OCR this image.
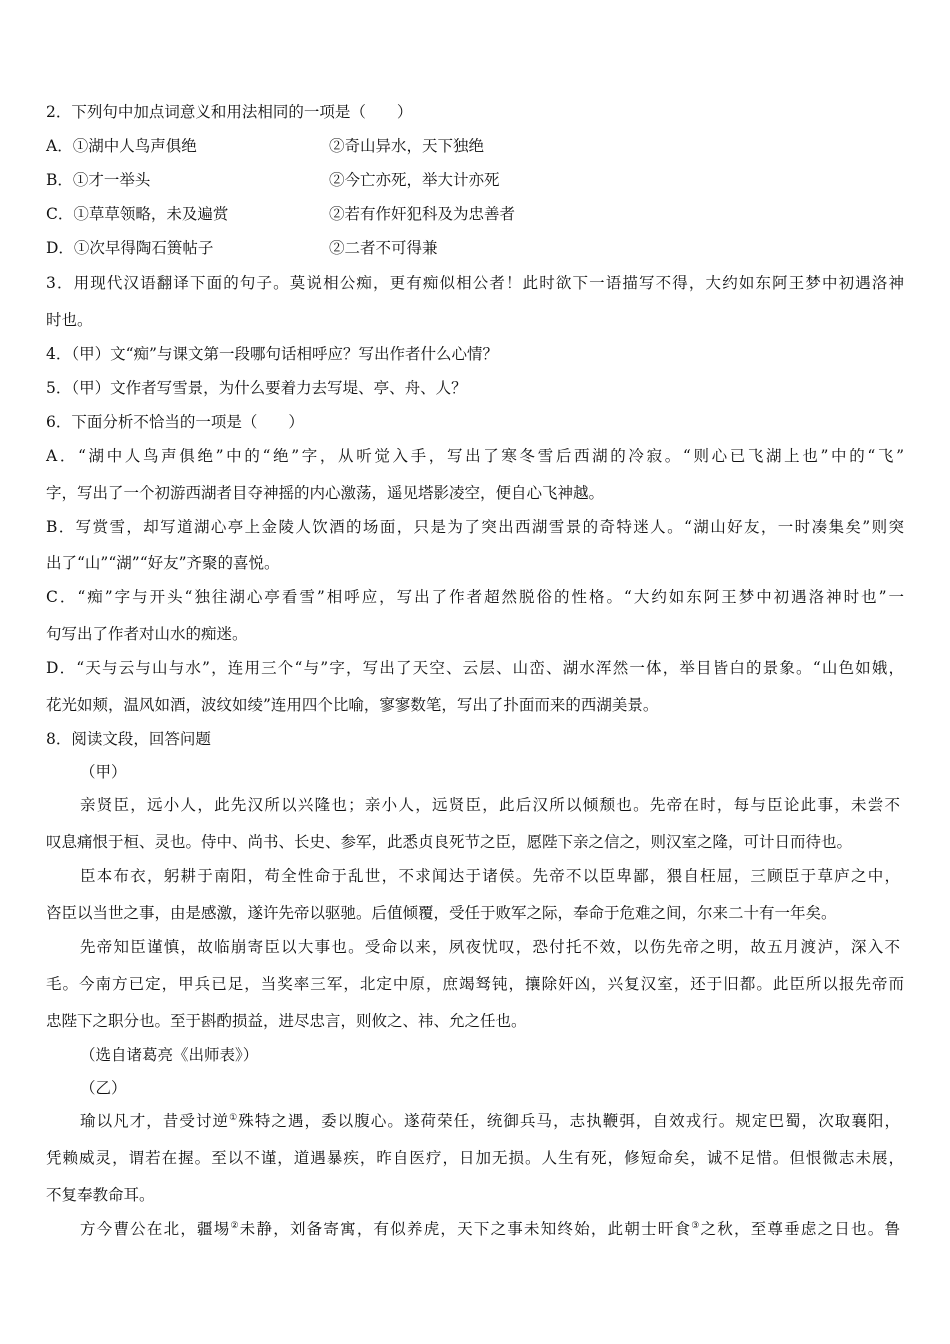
2．下列句中加点词意义和用法相同的一项是（　　）
A．①湖中人鸟声俱绝	②奇山异水，天下独绝
B．①才一举头	②今亡亦死，举大计亦死
C．①草草领略，未及遍赏	②若有作奸犯科及为忠善者
D．①次早得陶石篑帖子	②二者不可得兼
3．用现代汉语翻译下面的句子。莫说相公痴，更有痴似相公者！此时欲下一语描写不得，大约如东阿王梦中初遇洛神
时也。
4．（甲）文“痴”与课文第一段哪句话相呼应？写出作者什么心情？
5．（甲）文作者写雪景，为什么要着力去写堤、亭、舟、人？
6．下面分析不恰当的一项是（　　）
A．“湖中人鸟声俱绝”中的“绝”字，从听觉入手，写出了寒冬雪后西湖的冷寂。“则心已飞湖上也”中的“飞”
字，写出了一个初游西湖者目夺神摇的内心激荡，遥见塔影凌空，便自心飞神越。
B．写赏雪，却写道湖心亭上金陵人饮酒的场面，只是为了突出西湖雪景的奇特迷人。“湖山好友，一时凑集矣”则突
出了“山”“湖”“好友”齐聚的喜悦。
C．“痴”字与开头“独往湖心亭看雪”相呼应，写出了作者超然脱俗的性格。“大约如东阿王梦中初遇洛神时也”一
句写出了作者对山水的痴迷。
D．“天与云与山与水”，连用三个“与”字，写出了天空、云层、山峦、湖水浑然一体，举目皆白的景象。“山色如娥，
花光如颊，温风如酒，波纹如绫”连用四个比喻，寥寥数笔，写出了扑面而来的西湖美景。
8．阅读文段，回答问题
（甲）
亲贤臣，远小人，此先汉所以兴隆也；亲小人，远贤臣，此后汉所以倾颓也。先帝在时，每与臣论此事，未尝不
叹息痛恨于桓、灵也。侍中、尚书、长史、参军，此悉贞良死节之臣，愿陛下亲之信之，则汉室之隆，可计日而待也。
臣本布衣，躬耕于南阳，苟全性命于乱世，不求闻达于诸侯。先帝不以臣卑鄙，猥自枉屈，三顾臣于草庐之中，
咨臣以当世之事，由是感激，遂许先帝以驱驰。后值倾覆，受任于败军之际，奉命于危难之间，尔来二十有一年矣。
先帝知臣谨慎，故临崩寄臣以大事也。受命以来，夙夜忧叹，恐付托不效，以伤先帝之明，故五月渡泸，深入不
毛。今南方已定，甲兵已足，当奖率三军，北定中原，庶竭驽钝，攘除奸凶，兴复汉室，还于旧都。此臣所以报先帝而
忠陛下之职分也。至于斟酌损益，进尽忠言，则攸之、祎、允之任也。
（选自诸葛亮《出师表》）
（乙）
瑜以凡才，昔受讨逆①殊特之遇，委以腹心。遂荷荣任，统御兵马，志执鞭弭，自效戎行。规定巴蜀，次取襄阳，
凭赖威灵，谓若在握。至以不谨，道遇暴疾，昨自医疗，日加无损。人生有死，修短命矣，诚不足惜。但恨微志未展，
不复奉教命耳。
方今曹公在北，疆埸②未静，刘备寄寓，有似养虎，天下之事未知终始，此朝士旰食③之秋，至尊垂虑之日也。鲁
